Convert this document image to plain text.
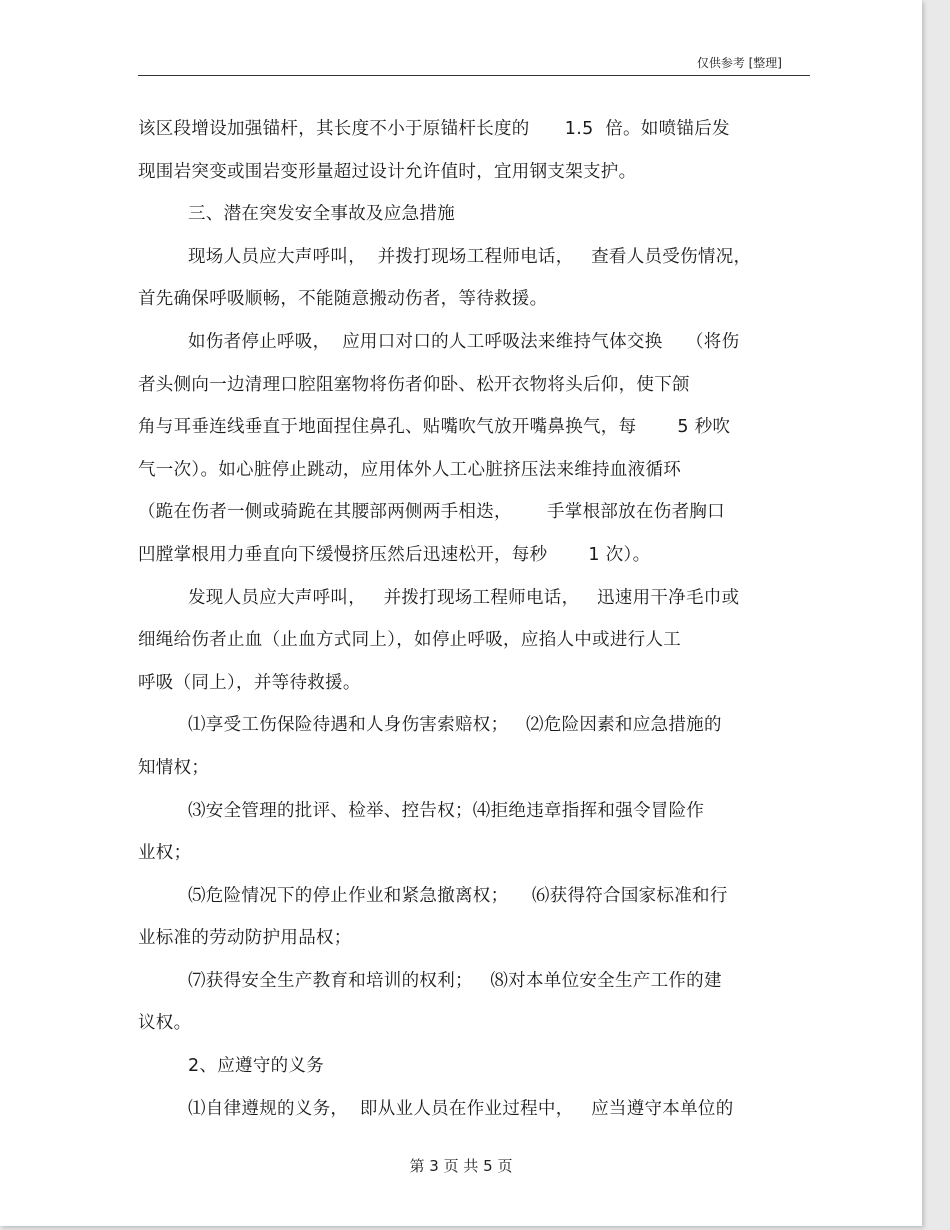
仅供参考 [整理]
该区段增设加强锚杆，其长度不小于原锚杆长度的      1.5  倍。如喷锚后发
现围岩突变或围岩变形量超过设计允许值时，宜用钢支架支护。
三、潜在突发安全事故及应急措施
现场人员应大声呼叫，  并拨打现场工程师电话，   查看人员受伤情况，
首先确保呼吸顺畅，不能随意搬动伤者，等待救援。
如伤者停止呼吸，  应用口对口的人工呼吸法来维持气体交换    （将伤
者头侧向一边清理口腔阻塞物将伤者仰卧、松开衣物将头后仰，使下颌
角与耳垂连线垂直于地面捏住鼻孔、贴嘴吹气放开嘴鼻换气，每       5 秒吹
气一次）。如心脏停止跳动，应用体外人工心脏挤压法来维持血液循环
（跪在伤者一侧或骑跪在其腰部两侧两手相迭，      手掌根部放在伤者胸口
凹膛掌根用力垂直向下缓慢挤压然后迅速松开，每秒       1 次）。
发现人员应大声呼叫，   并拨打现场工程师电话，   迅速用干净毛巾或
细绳给伤者止血（止血方式同上），如停止呼吸，应掐人中或进行人工
呼吸（同上），并等待救援。
⑴享受工伤保险待遇和人身伤害索赔权；   ⑵危险因素和应急措施的
知情权；
⑶安全管理的批评、检举、控告权；⑷拒绝违章指挥和强令冒险作
业权；
⑸危险情况下的停止作业和紧急撤离权；    ⑹获得符合国家标准和行
业标准的劳动防护用品权；
⑺获得安全生产教育和培训的权利；   ⑻对本单位安全生产工作的建
议权。
2、应遵守的义务
⑴自律遵规的义务，  即从业人员在作业过程中，   应当遵守本单位的
第 3 页 共 5 页
